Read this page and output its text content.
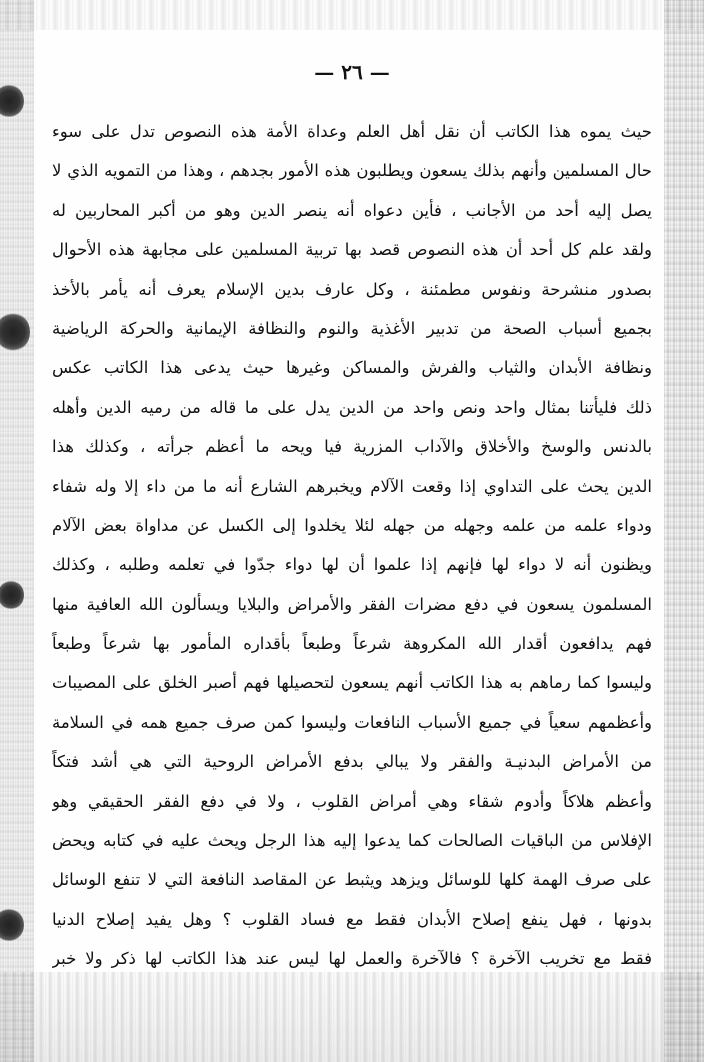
— ٢٦ —
حيث يموه هذا الكاتب أن نقل أهل العلم وعداة الأمة هذه النصوص تدل على سوء
حال المسلمين وأنهم بذلك يسعون ويطلبون هذه الأمور بجدهم ، وهذا من التمويه الذي لا
يصل إليه أحد من الأجانب ، فأين دعواه أنه ينصر الدين وهو من أكبر المحاربين له
ولقد علم كل أحد أن هذه النصوص قصد بها تربية المسلمين على مجابهة هذه الأحوال
بصدور منشرحة ونفوس مطمئنة ، وكل عارف بدين الإسلام يعرف أنه يأمر بالأخذ
بجميع أسباب الصحة من تدبير الأغذية والنوم والنظافة الإيمانية والحركة الرياضية
ونظافة الأبدان والثياب والفرش والمساكن وغيرها حيث يدعى هذا الكاتب عكس
ذلك فليأتنا بمثال واحد ونص واحد من الدين يدل على ما قاله من رميه الدين وأهله
بالدنس والوسخ والأخلاق والآداب المزرية فيا ويحه ما أعظم جرأته ، وكذلك هذا
الدين يحث على التداوي إذا وقعت الآلام ويخبرهم الشارع أنه ما من داء إلا وله شفاء
ودواء علمه من علمه وجهله من جهله لئلا يخلدوا إلى الكسل عن مداواة بعض الآلام
ويظنون أنه لا دواء لها فإنهم إذا علموا أن لها دواء جدّوا في تعلمه وطلبه ، وكذلك
المسلمون يسعون في دفع مضرات الفقر والأمراض والبلايا ويسألون الله العافية منها
فهم يدافعون أقدار الله المكروهة شرعاً وطبعاً بأقداره المأمور بها شرعاً وطبعاً
وليسوا كما رماهم به هذا الكاتب أنهم يسعون لتحصيلها فهم أصبر الخلق على المصيبات
وأعظمهم سعياً في جميع الأسباب النافعات وليسوا كمن صرف جميع همه في السلامة
من الأمراض البدنيـة والفقر ولا يبالي بدفع الأمراض الروحية التي هي أشد فتكاً
وأعظم هلاكاً وأدوم شقاء وهي أمراض القلوب ، ولا في دفع الفقر الحقيقي وهو
الإفلاس من الباقيات الصالحات كما يدعوا إليه هذا الرجل ويحث عليه في كتابه ويحض
على صرف الهمة كلها للوسائل ويزهد ويثبط عن المقاصد النافعة التي لا تنفع الوسائل
بدونها ، فهل ينفع إصلاح الأبدان فقط مع فساد القلوب ؟ وهل يفيد إصلاح الدنيا
فقط مع تخريب الآخرة ؟ فالآخرة والعمل لها ليس عند هذا الكاتب لها ذكر ولا خبر
